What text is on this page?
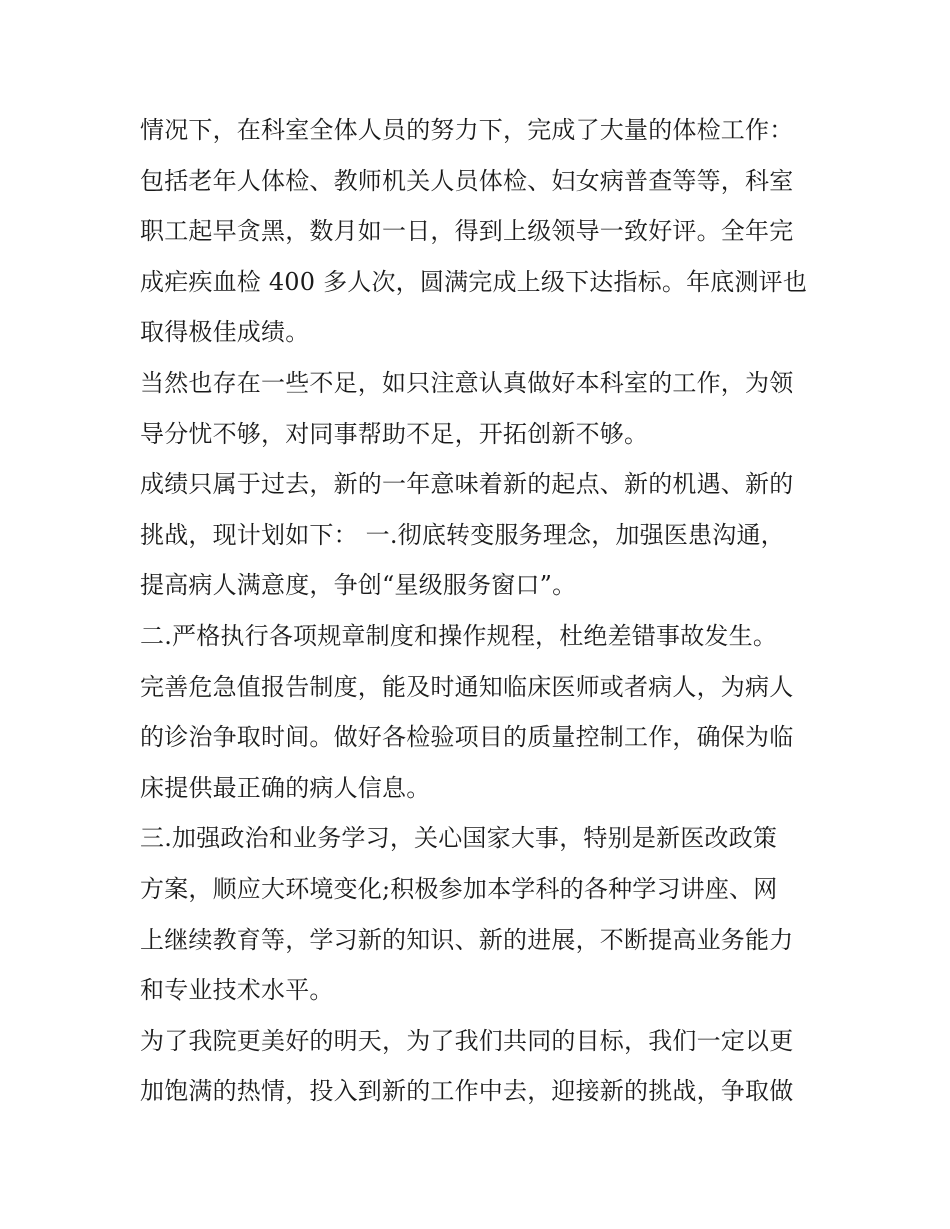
情况下，在科室全体人员的努力下，完成了大量的体检工作：
包括老年人体检、教师机关人员体检、妇女病普查等等，科室
职工起早贪黑，数月如一日，得到上级领导一致好评。全年完
成疟疾血检 400 多人次，圆满完成上级下达指标。年底测评也
取得极佳成绩。
当然也存在一些不足，如只注意认真做好本科室的工作，为领
导分忧不够，对同事帮助不足，开拓创新不够。
成绩只属于过去，新的一年意味着新的起点、新的机遇、新的
挑战，现计划如下： 一.彻底转变服务理念，加强医患沟通，
提高病人满意度，争创“星级服务窗口”。
二.严格执行各项规章制度和操作规程，杜绝差错事故发生。
完善危急值报告制度，能及时通知临床医师或者病人，为病人
的诊治争取时间。做好各检验项目的质量控制工作，确保为临
床提供最正确的病人信息。
三.加强政治和业务学习，关心国家大事，特别是新医改政策
方案，顺应大环境变化;积极参加本学科的各种学习讲座、网
上继续教育等，学习新的知识、新的进展，不断提高业务能力
和专业技术水平。
为了我院更美好的明天，为了我们共同的目标，我们一定以更
加饱满的热情，投入到新的工作中去，迎接新的挑战，争取做
